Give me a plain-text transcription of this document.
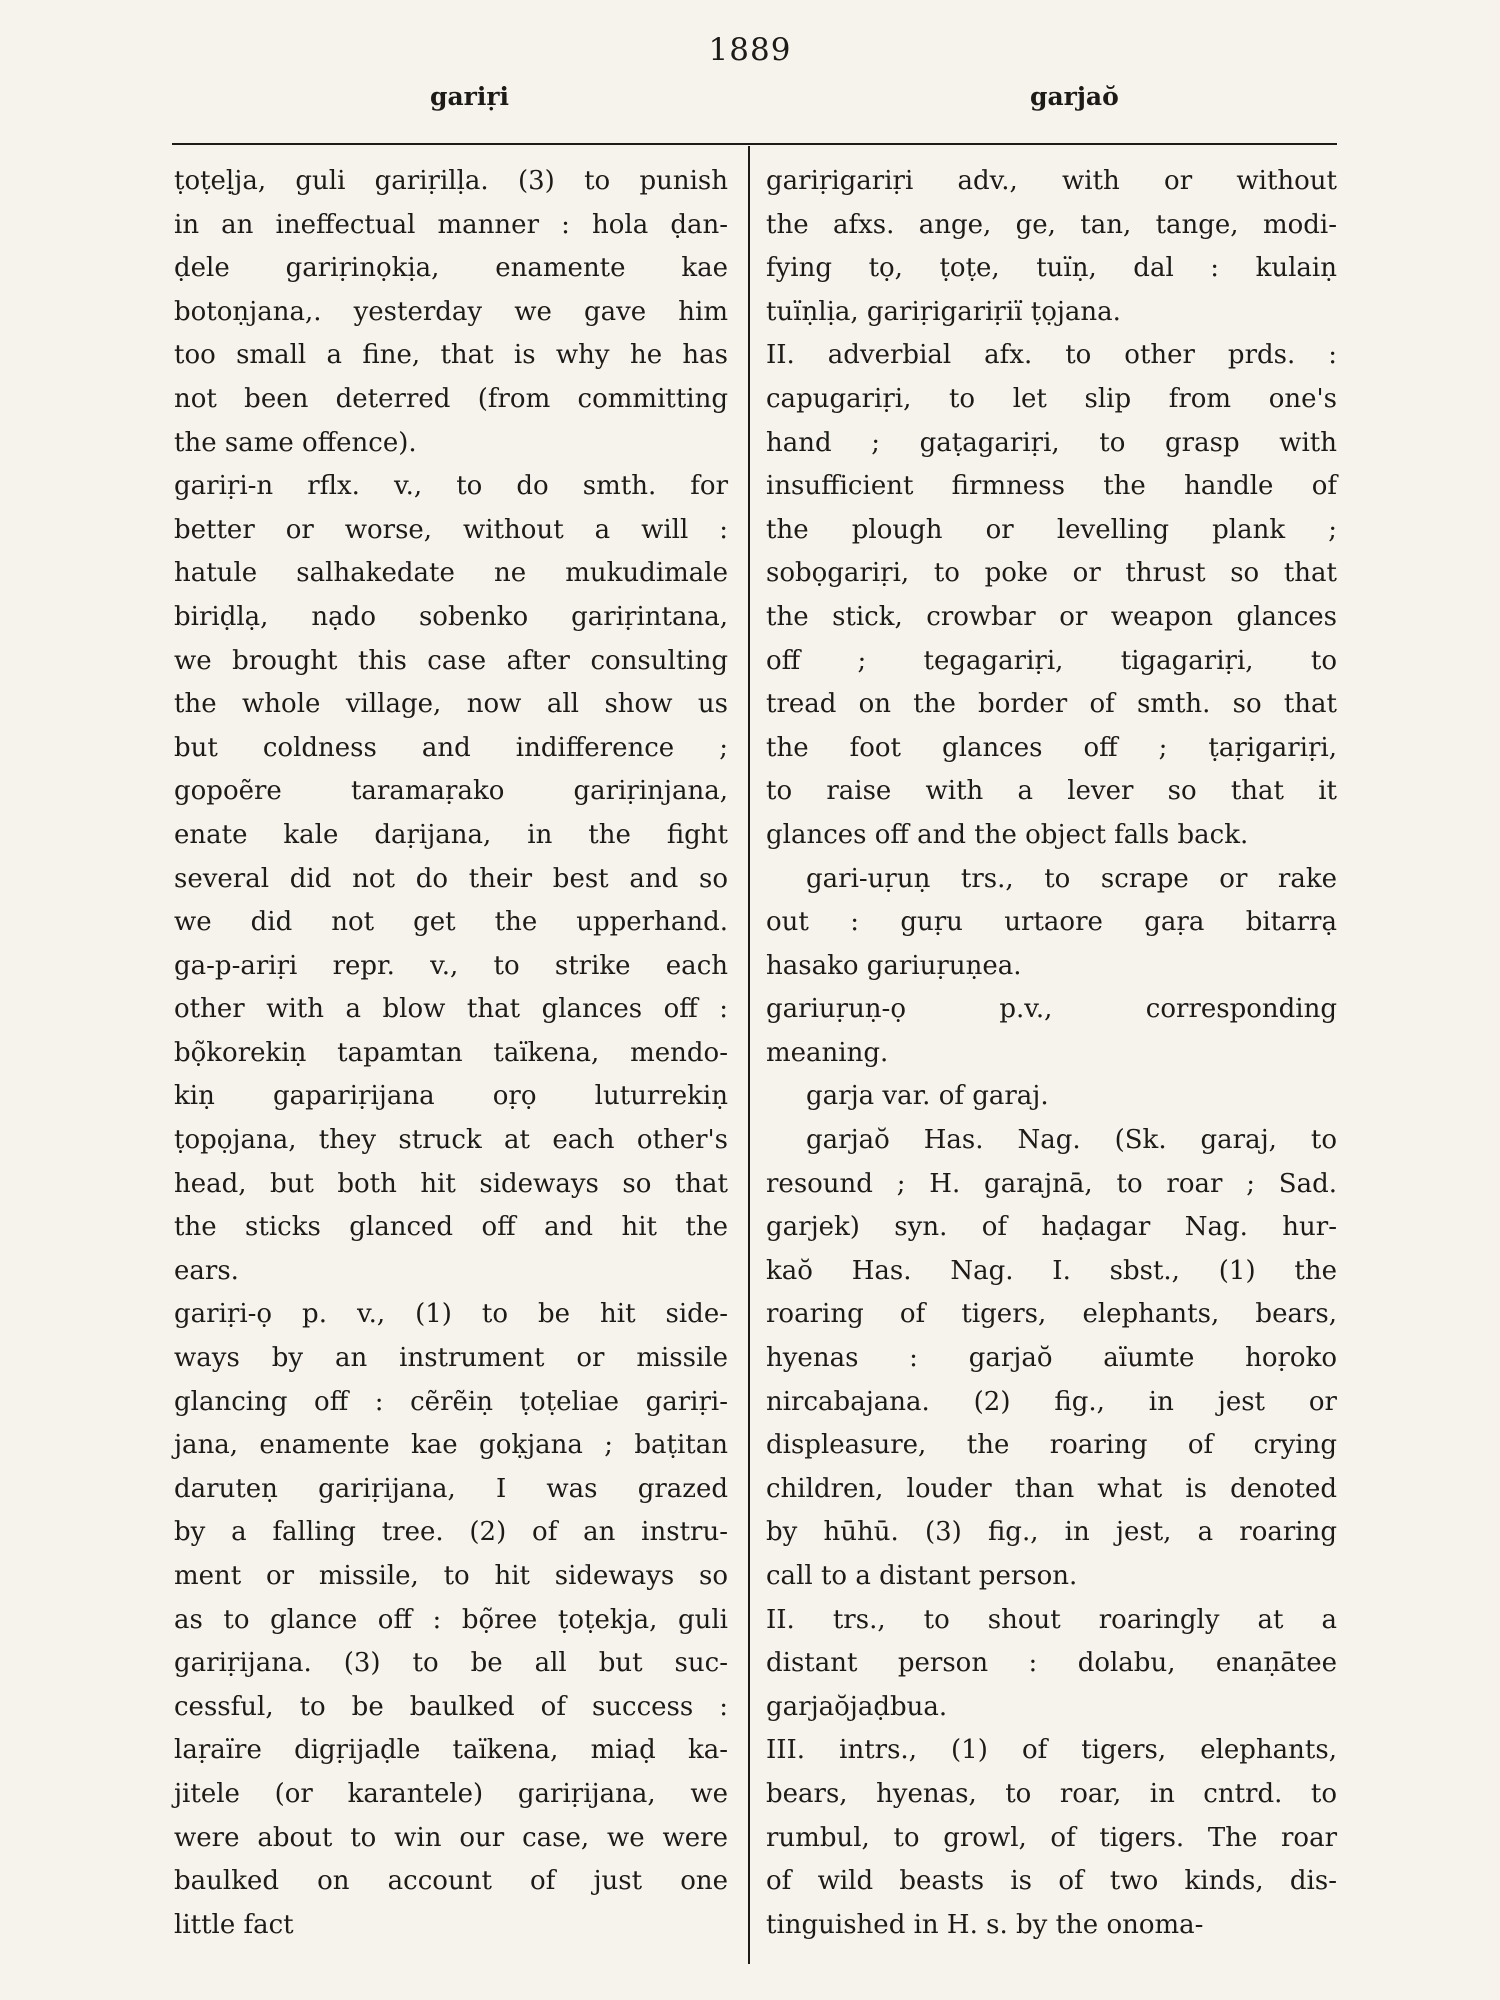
1889
gariṛi	garjaŏ
ṭoṭeḷja, guli gariṛilḷa. (3) to punish
in an ineffectual manner : hola ḍan-
ḍele gariṛinọkịa, enamente kae
botoṇjana,. yesterday we gave him
too small a fine, that is why he has
not been deterred (from committing
the same offence).
gariṛi-n rflx. v., to do smth. for
better or worse, without a will :
hatule salhakedate ne mukudimale
biriḍlạ, nạdo sobenko gariṛintana,
we brought this case after consulting
the whole village, now all show us
but coldness and indifference ;
gopoẽre taramaṛako gariṛinjana,
enate kale daṛijana, in the fight
several did not do their best and so
we did not get the upperhand.
ga-p-ariṛi repr. v., to strike each
other with a blow that glances off :
bọ̃korekiṇ tapamtan taïkena, mendo-
kiṇ gapariṛijana oṛọ luturrekiṇ
ṭopọjana, they struck at each other's
head, but both hit sideways so that
the sticks glanced off and hit the
ears.
gariṛi-ọ p. v., (1) to be hit side-
ways by an instrument or missile
glancing off : cẽrẽiṇ ṭoṭeliae gariṛi-
jana, enamente kae goḳjana ; baṭitan
daruteṇ gariṛijana, I was grazed
by a falling tree. (2) of an instru-
ment or missile, to hit sideways so
as to glance off : bọ̃ree ṭoṭekja, guli
gariṛijana. (3) to be all but suc-
cessful, to be baulked of success :
laṛaïre digṛijaḍle taïkena, miaḍ ka-
jitele (or karantele) gariṛijana, we
were about to win our case, we were
baulked on account of just one
little fact
gariṛigariṛi adv., with or without
the afxs. ange, ge, tan, tange, modi-
fying tọ, ṭoṭe, tuïṇ, dal : kulaiṇ
tuïṇlịa, gariṛigariṛiï ṭọjana.
II. adverbial afx. to other prds. :
capugariṛi, to let slip from one's
hand ; gaṭagariṛi, to grasp with
insufficient firmness the handle of
the plough or levelling plank ;
sobọgariṛi, to poke or thrust so that
the stick, crowbar or weapon glances
off ; tegagariṛi, tigagariṛi, to
tread on the border of smth. so that
the foot glances off ; ṭaṛigariṛi,
to raise with a lever so that it
glances off and the object falls back.
gari-uṛuṇ trs., to scrape or rake
out : guṛu urtaore gaṛa bitarrạ
hasako gariuṛuṇea.
gariuṛuṇ-ọ p.v., corresponding
meaning.
garja var. of garaj.
garjaŏ Has. Nag. (Sk. garaj, to
resound ; H. garajnā, to roar ; Sad.
garjek) syn. of haḍagar Nag. hur-
kaŏ Has. Nag. I. sbst., (1) the
roaring of tigers, elephants, bears,
hyenas : garjaŏ aïumte hoṛoko
nircabajana. (2) fig., in jest or
displeasure, the roaring of crying
children, louder than what is denoted
by hūhū. (3) fig., in jest, a roaring
call to a distant person.
II. trs., to shout roaringly at a
distant person : dolabu, enaṇātee
garjaŏjaḍbua.
III. intrs., (1) of tigers, elephants,
bears, hyenas, to roar, in cntrd. to
rumbul, to growl, of tigers. The roar
of wild beasts is of two kinds, dis-
tinguished in H. s. by the onoma-
